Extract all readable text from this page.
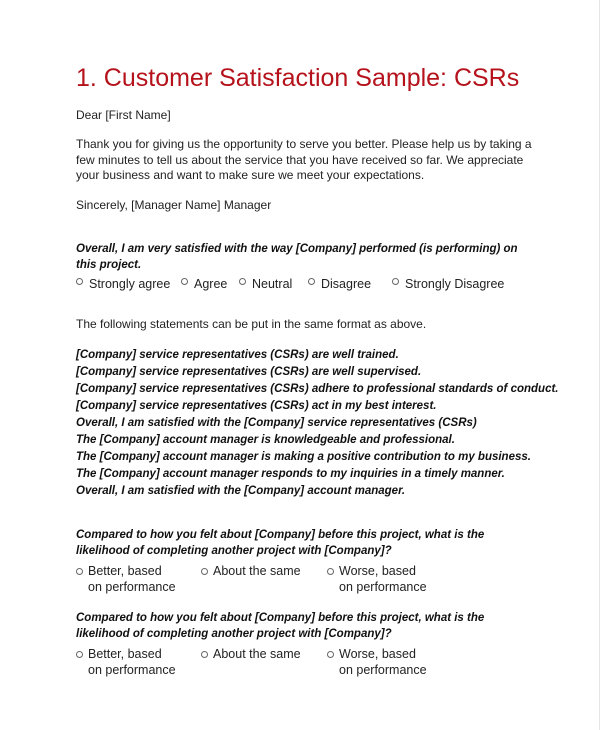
1. Customer Satisfaction Sample: CSRs
Dear [First Name]
Thank you for giving us the opportunity to serve you better. Please help us by taking a few minutes to tell us about the service that you have received so far. We appreciate your business and want to make sure we meet your expectations.
Sincerely, [Manager Name] Manager
Overall, I am very satisfied with the way [Company] performed (is performing) on this project.
Strongly agree	Agree	Neutral	Disagree	Strongly Disagree
The following statements can be put in the same format as above.
[Company] service representatives (CSRs) are well trained.
[Company] service representatives (CSRs) are well supervised.
[Company] service representatives (CSRs) adhere to professional standards of conduct.
[Company] service representatives (CSRs) act in my best interest.
Overall, I am satisfied with the [Company] service representatives (CSRs)
The [Company] account manager is knowledgeable and professional.
The [Company] account manager is making a positive contribution to my business.
The [Company] account manager responds to my inquiries in a timely manner.
Overall, I am satisfied with the [Company] account manager.
Compared to how you felt about [Company] before this project, what is the likelihood of completing another project with [Company]?
Better, based
on performance
About the same	Worse, based
on performance
Compared to how you felt about [Company] before this project, what is the likelihood of completing another project with [Company]?
Better, based
on performance
About the same	Worse, based
on performance
